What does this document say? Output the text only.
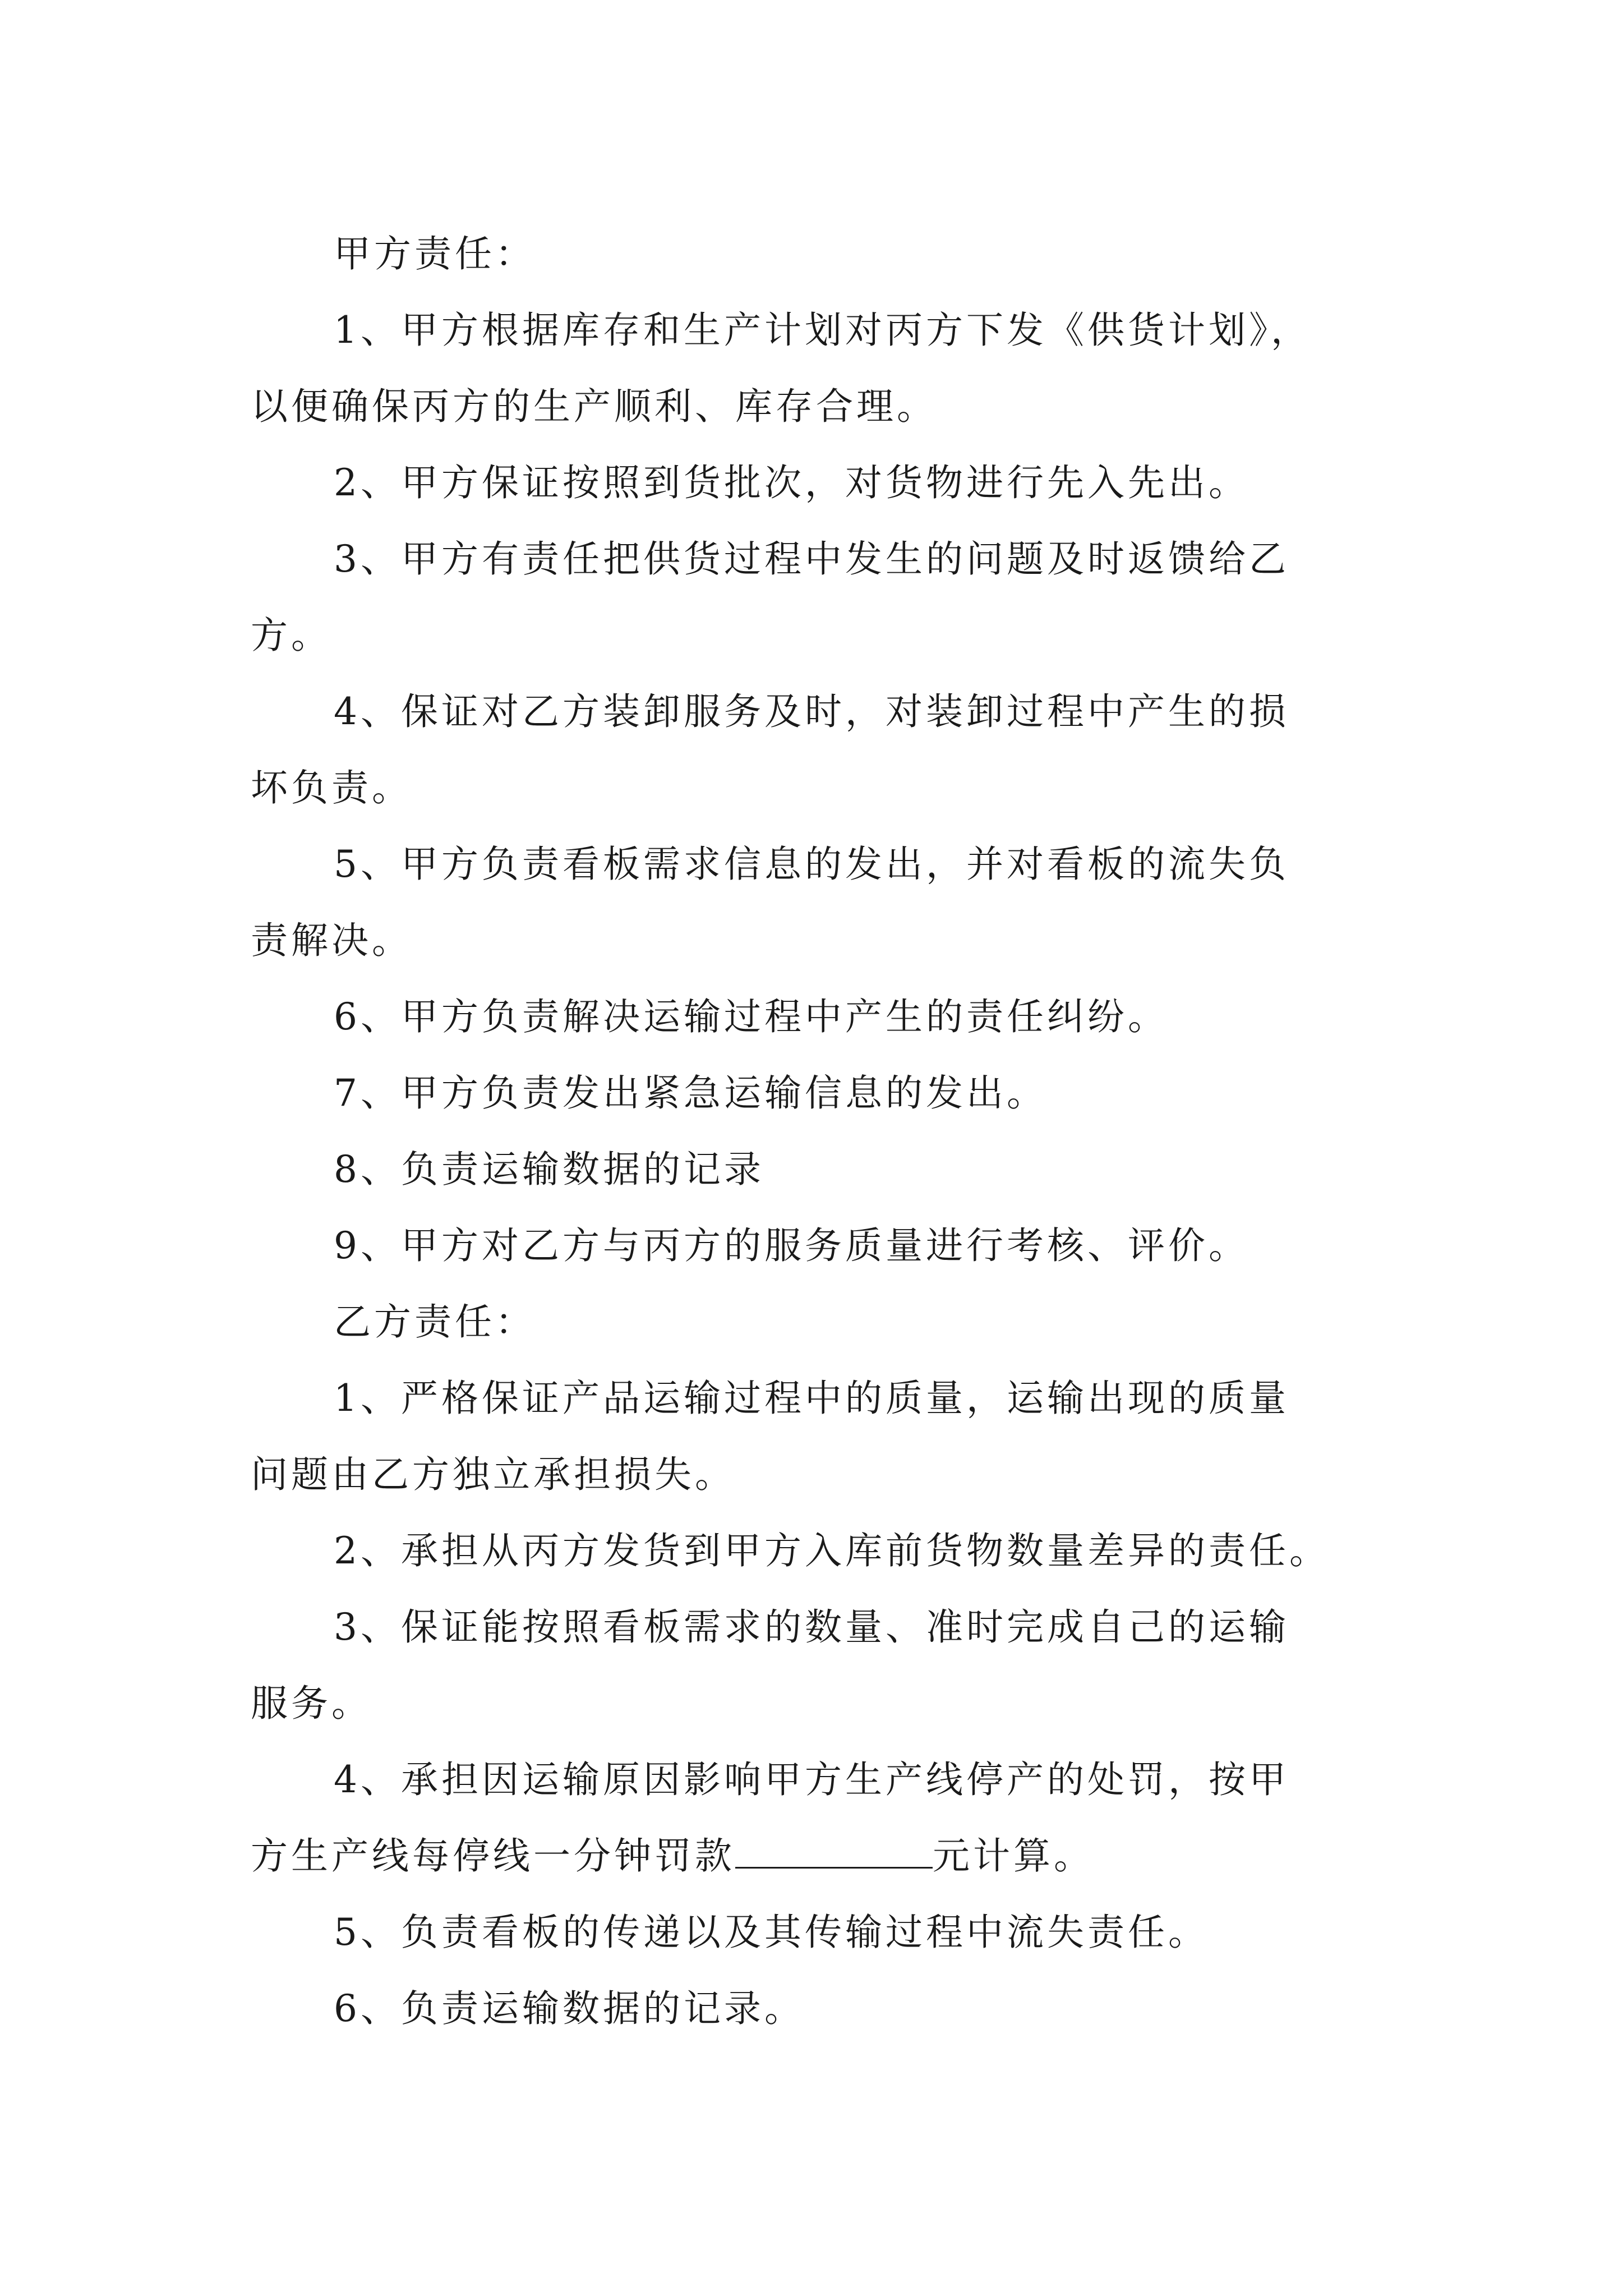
甲方责任：
1、甲方根据库存和生产计划对丙方下发《供货计划》，
以便确保丙方的生产顺利、库存合理。
2、甲方保证按照到货批次，对货物进行先入先出。
3、甲方有责任把供货过程中发生的问题及时返馈给乙
方。
4、保证对乙方装卸服务及时，对装卸过程中产生的损
坏负责。
5、甲方负责看板需求信息的发出，并对看板的流失负
责解决。
6、甲方负责解决运输过程中产生的责任纠纷。
7、甲方负责发出紧急运输信息的发出。
8、负责运输数据的记录
9、甲方对乙方与丙方的服务质量进行考核、评价。
乙方责任：
1、严格保证产品运输过程中的质量，运输出现的质量
问题由乙方独立承担损失。
2、承担从丙方发货到甲方入库前货物数量差异的责任。
3、保证能按照看板需求的数量、准时完成自己的运输
服务。
4、承担因运输原因影响甲方生产线停产的处罚，按甲
方生产线每停线一分钟罚款	元计算。
5、负责看板的传递以及其传输过程中流失责任。
6、负责运输数据的记录。
